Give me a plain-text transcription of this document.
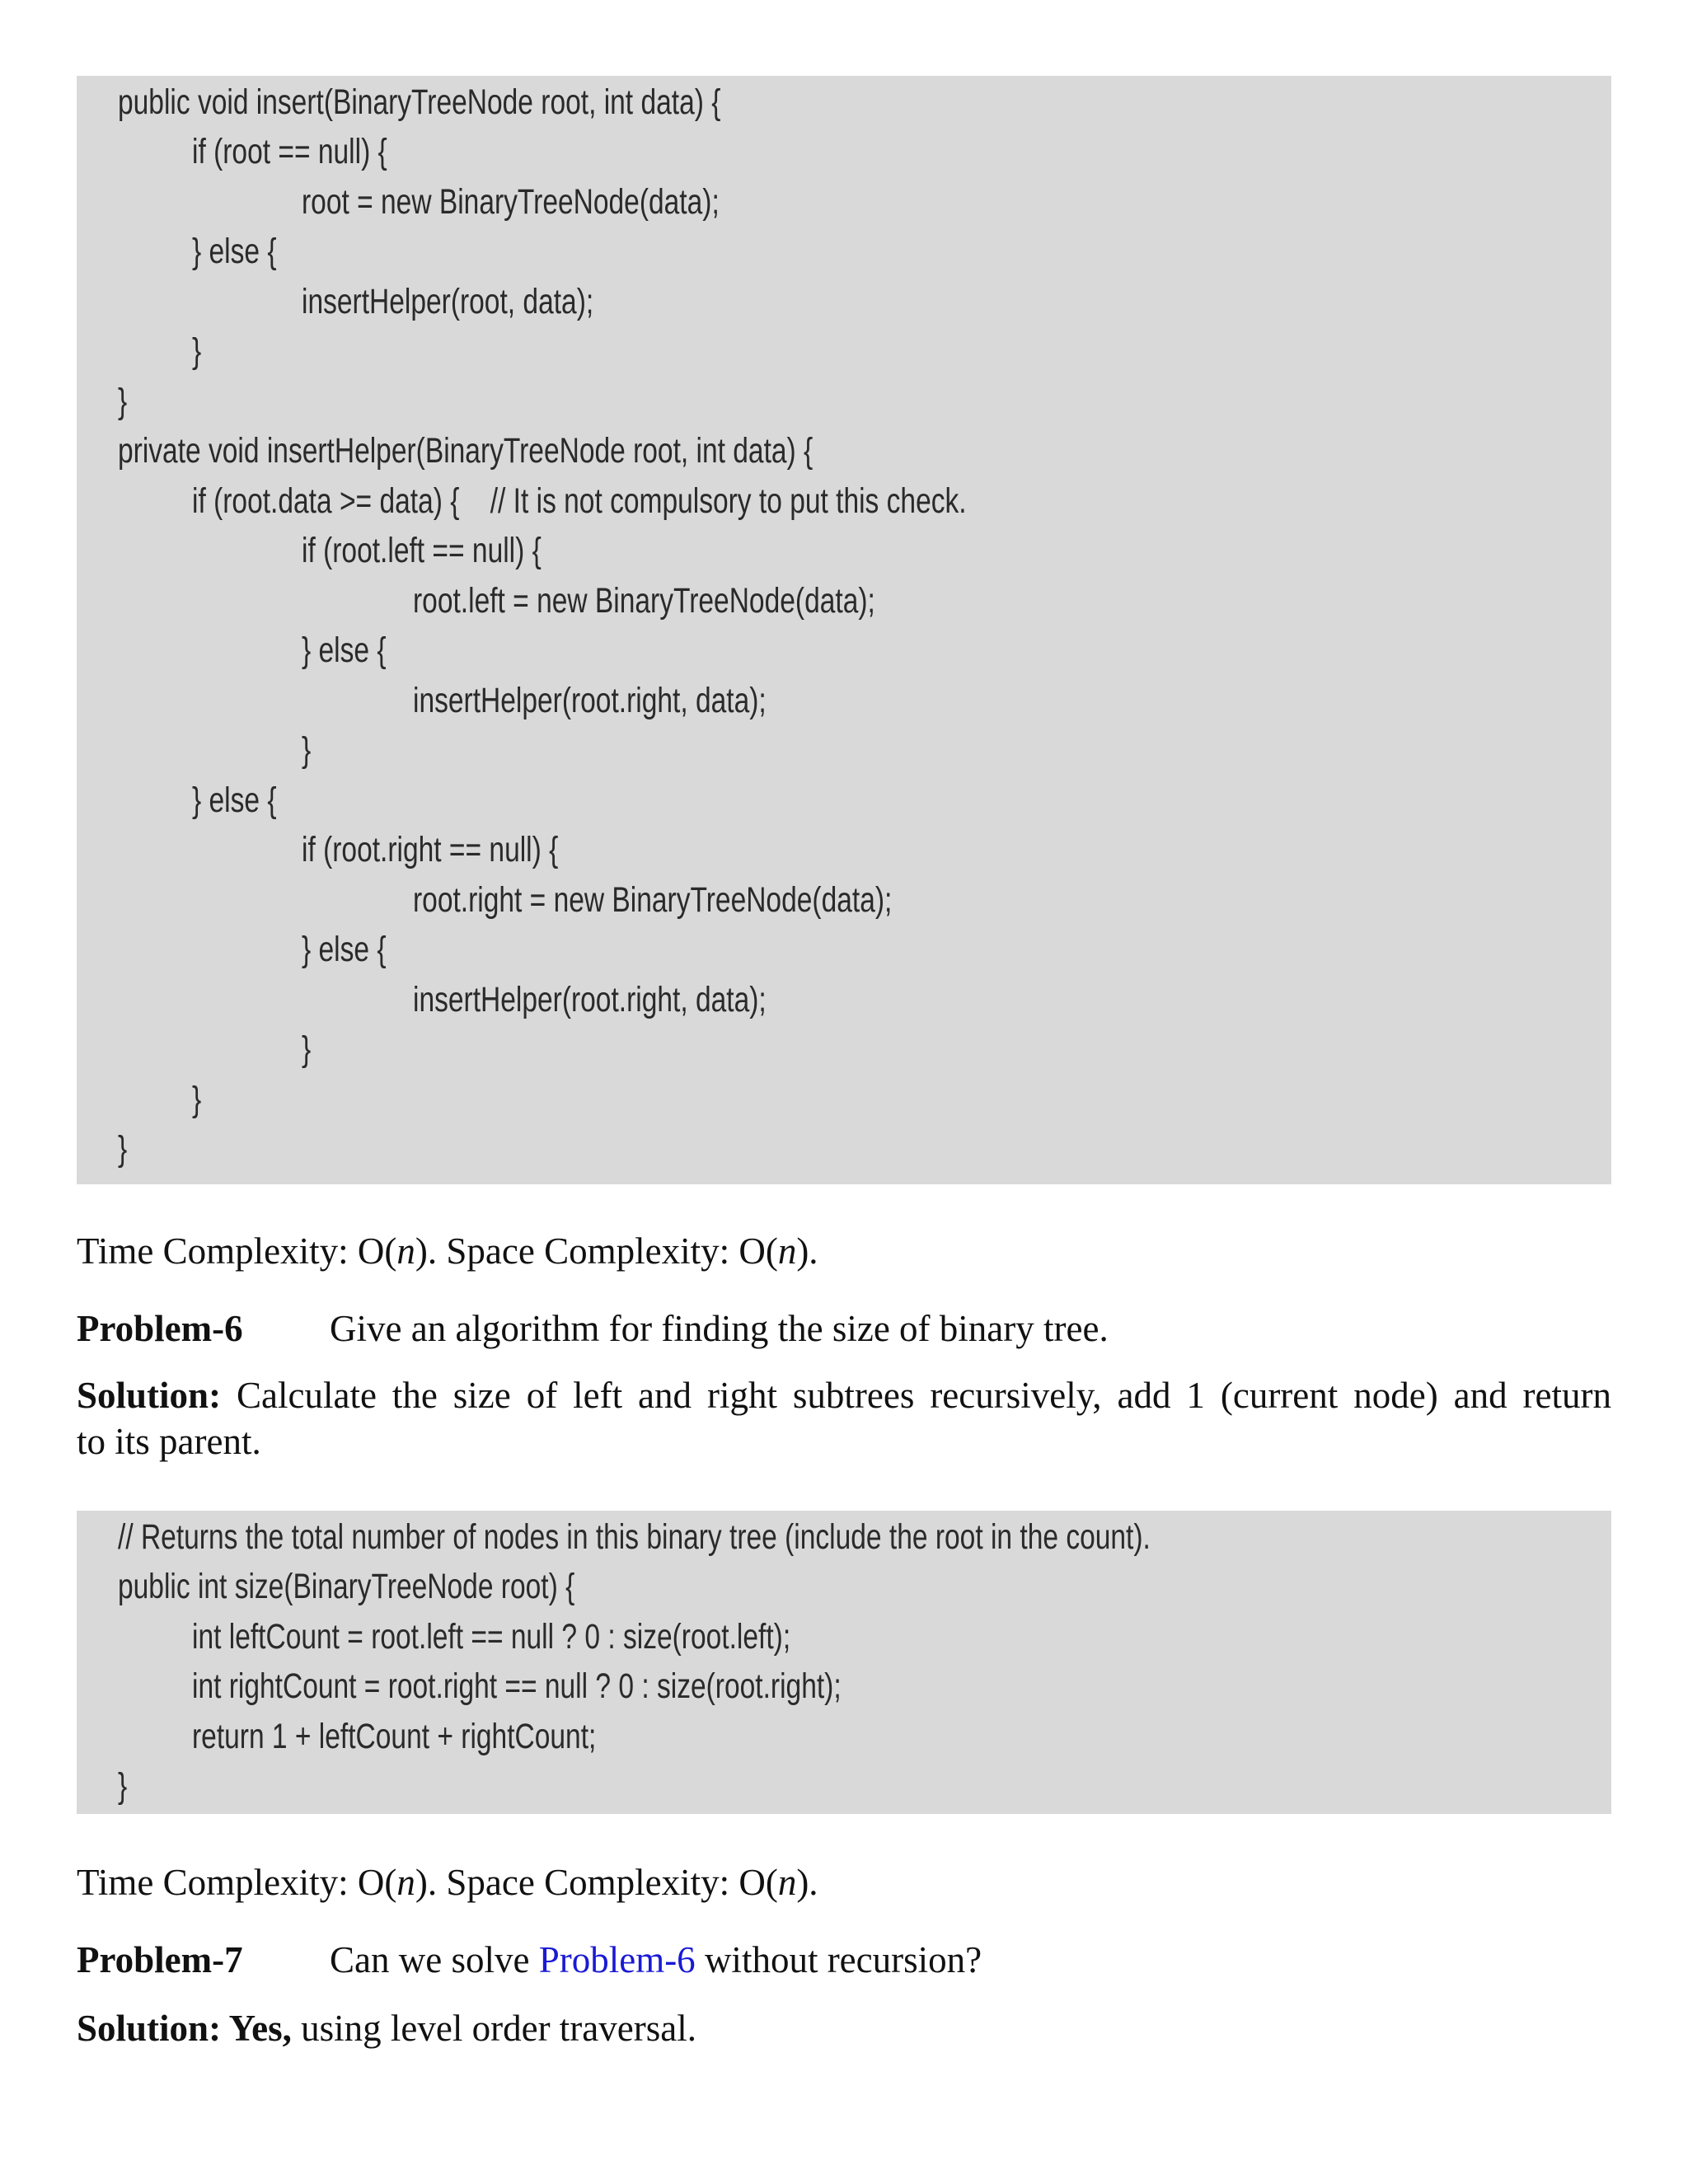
public void insert(BinaryTreeNode root, int data) {
if (root == null) {
root = new BinaryTreeNode(data);
} else {
insertHelper(root, data);
}
}
private void insertHelper(BinaryTreeNode root, int data) {
if (root.data >= data) {    // It is not compulsory to put this check.
if (root.left == null) {
root.left = new BinaryTreeNode(data);
} else {
insertHelper(root.right, data);
}
} else {
if (root.right == null) {
root.right = new BinaryTreeNode(data);
} else {
insertHelper(root.right, data);
}
}
}
Time Complexity: O(n). Space Complexity: O(n).
Problem-6 Give an algorithm for finding the size of binary tree.
Solution: Calculate the size of left and right subtrees recursively, add 1 (current node) and return
to its parent.
// Returns the total number of nodes in this binary tree (include the root in the count).
public int size(BinaryTreeNode root) {
int leftCount = root.left == null ? 0 : size(root.left);
int rightCount = root.right == null ? 0 : size(root.right);
return 1 + leftCount + rightCount;
}
Time Complexity: O(n). Space Complexity: O(n).
Problem-7 Can we solve Problem-6 without recursion?
Solution: Yes, using level order traversal.
